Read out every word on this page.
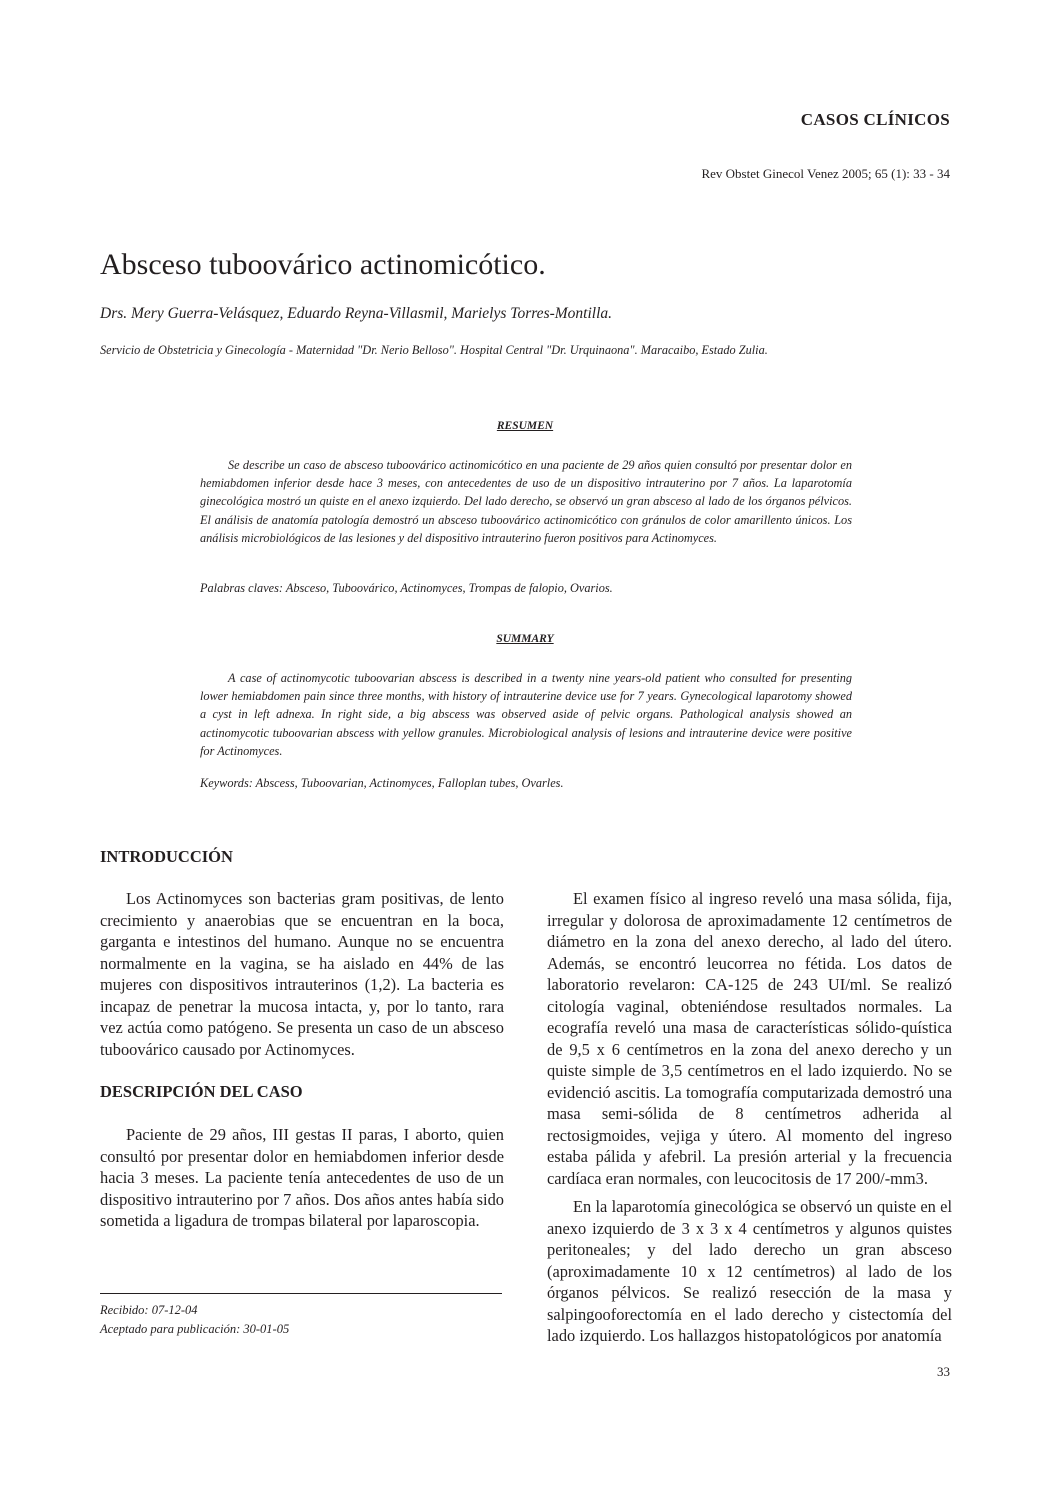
CASOS CLÍNICOS
Rev Obstet Ginecol Venez 2005; 65 (1): 33 - 34
Absceso tuboovárico actinomicótico.
Drs. Mery Guerra-Velásquez, Eduardo Reyna-Villasmil, Marielys Torres-Montilla.
Servicio de Obstetricia y Ginecología - Maternidad "Dr. Nerio Belloso". Hospital Central "Dr. Urquinaona". Maracaibo, Estado Zulia.
RESUMEN

Se describe un caso de absceso tuboovárico actinomicótico en una paciente de 29 años quien consultó por presentar dolor en hemiabdomen inferior desde hace 3 meses, con antecedentes de uso de un dispositivo intrauterino por 7 años. La laparotomía ginecológica mostró un quiste en el anexo izquierdo. Del lado derecho, se observó un gran absceso al lado de los órganos pélvicos. El análisis de anatomía patología demostró un absceso tuboovárico actinomicótico con gránulos de color amarillento únicos. Los análisis microbiológicos de las lesiones y del dispositivo intrauterino fueron positivos para Actinomyces.

Palabras claves: Absceso, Tuboovárico, Actinomyces, Trompas de falopio, Ovarios.
SUMMARY

A case of actinomycotic tuboovarian abscess is described in a twenty nine years-old patient who consulted for presenting lower hemiabdomen pain since three months, with history of intrauterine device use for 7 years. Gynecological laparotomy showed a cyst in left adnexa. In right side, a big abscess was observed aside of pelvic organs. Pathological analysis showed an actinomycotic tuboovarian abscess with yellow granules. Microbiological analysis of lesions and intrauterine device were positive for Actinomyces.

Keywords: Abscess, Tuboovarian, Actinomyces, Falloplan tubes, Ovarles.
INTRODUCCIÓN

Los Actinomyces son bacterias gram positivas, de lento crecimiento y anaerobias que se encuentran en la boca, garganta e intestinos del humano. Aunque no se encuentra normalmente en la vagina, se ha aislado en 44% de las mujeres con dispositivos intrauterinos (1,2). La bacteria es incapaz de penetrar la mucosa intacta, y, por lo tanto, rara vez actúa como patógeno. Se presenta un caso de un absceso tuboovárico causado por Actinomyces.

DESCRIPCIÓN DEL CASO

Paciente de 29 años, III gestas II paras, I aborto, quien consultó por presentar dolor en hemiabdomen inferior desde hacia 3 meses. La paciente tenía antecedentes de uso de un dispositivo intrauterino por 7 años. Dos años antes había sido sometida a ligadura de trompas bilateral por laparoscopia.

El examen físico al ingreso reveló una masa sólida, fija, irregular y dolorosa de aproximadamente 12 centímetros de diámetro en la zona del anexo derecho, al lado del útero. Además, se encontró leucorrea no fétida. Los datos de laboratorio revelaron: CA-125 de 243 UI/ml. Se realizó citología vaginal, obteniéndose resultados normales. La ecografía reveló una masa de características sólido-quística de 9,5 x 6 centímetros en la zona del anexo derecho y un quiste simple de 3,5 centímetros en el lado izquierdo. No se evidenció ascitis. La tomografía computarizada demostró una masa semi-sólida de 8 centímetros adherida al rectosigmoides, vejiga y útero. Al momento del ingreso estaba pálida y afebril. La presión arterial y la frecuencia cardíaca eran normales, con leucocitosis de 17 200/-mm3.

En la laparotomía ginecológica se observó un quiste en el anexo izquierdo de 3 x 3 x 4 centímetros y algunos quistes peritoneales; y del lado derecho un gran absceso (aproximadamente 10 x 12 centímetros) al lado de los órganos pélvicos. Se realizó resección de la masa y salpingooforectomía en el lado derecho y cistectomía del lado izquierdo. Los hallazgos histopatológicos por anatomía

Recibido: 07-12-04
Aceptado para publicación: 30-01-05
33
